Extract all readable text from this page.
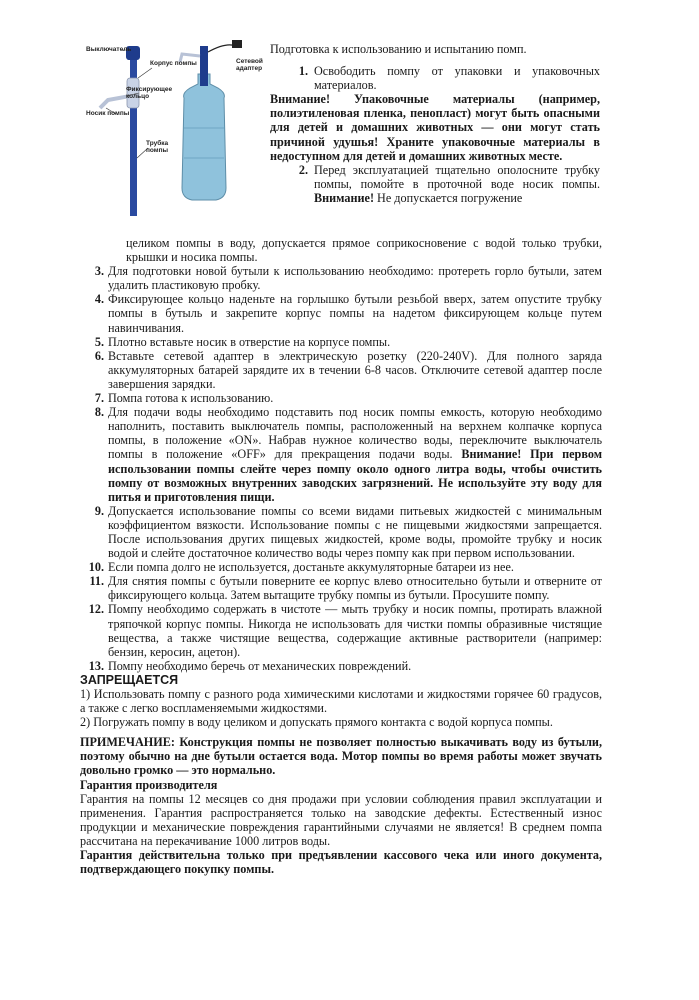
Выключатель
Корпус помпы	Сетевой адаптер
Фиксирующее кольцо
Носик помпы
Трубка помпы
Подготовка к использованию и испытанию помп.
1. Освободить помпу от упаковки и упаковочных материалов.
Внимание! Упаковочные материалы (например, полиэтиленовая пленка, пенопласт) могут быть опасными для детей и домашних животных — они могут стать причиной удушья! Храните упаковочные материалы в недоступном для детей и домашних животных месте.
2. Перед эксплуатацией тщательно ополосните трубку помпы, помойте в проточной воде носик помпы. Внимание! Не допускается погружение
целиком помпы в воду, допускается прямое соприкосновение с водой только трубки, крышки и носика помпы.
3. Для подготовки новой бутыли к использованию необходимо: протереть горло бутыли, затем удалить пластиковую пробку.
4. Фиксирующее кольцо наденьте на горлышко бутыли резьбой вверх, затем опустите трубку помпы в бутыль и закрепите корпус помпы на надетом фиксирующем кольце путем навинчивания.
5. Плотно вставьте носик в отверстие на корпусе помпы.
6. Вставьте сетевой адаптер в электрическую розетку (220-240V). Для полного заряда аккумуляторных батарей зарядите их в течении 6-8 часов. Отключите сетевой адаптер после завершения зарядки.
7. Помпа готова к использованию.
8. Для подачи воды необходимо подставить под носик помпы емкость, которую необходимо наполнить, поставить выключатель помпы, расположенный на верхнем колпачке корпуса помпы, в положение «ON». Набрав нужное количество воды, переключите выключатель помпы в положение «OFF» для прекращения подачи воды. Внимание! При первом использовании помпы слейте через помпу около одного литра воды, чтобы очистить помпу от возможных внутренних заводских загрязнений. Не используйте эту воду для питья и приготовления пищи.
9. Допускается использование помпы со всеми видами питьевых жидкостей с минимальным коэффициентом вязкости. Использование помпы с не пищевыми жидкостями запрещается. После использования других пищевых жидкостей, кроме воды, промойте трубку и носик водой и слейте достаточное количество воды через помпу как при первом использовании.
10. Если помпа долго не используется, достаньте аккумуляторные батареи из нее.
11. Для снятия помпы с бутыли поверните ее корпус влево относительно бутыли и отверните от фиксирующего кольца. Затем вытащите трубку помпы из бутыли. Просушите помпу.
12. Помпу необходимо содержать в чистоте — мыть трубку и носик помпы, протирать влажной тряпочкой корпус помпы. Никогда не использовать для чистки помпы образивные чистящие вещества, а также чистящие вещества, содержащие активные растворители (например: бензин, керосин, ацетон).
13. Помпу необходимо беречь от механических повреждений.
ЗАПРЕЩАЕТСЯ
1) Использовать помпу с разного рода химическими кислотами и жидкостями горячее 60 градусов, а также с легко воспламеняемыми жидкостями.
2) Погружать помпу в воду целиком и допускать прямого контакта с водой корпуса помпы.
ПРИМЕЧАНИЕ: Конструкция помпы не позволяет полностью выкачивать воду из бутыли, поэтому обычно на дне бутыли остается вода. Мотор помпы во время работы может звучать довольно громко — это нормально.
Гарантия производителя
Гарантия на помпы 12 месяцев со дня продажи при условии соблюдения правил эксплуатации и применения. Гарантия распространяется только на заводские дефекты. Естественный износ продукции и механические повреждения гарантийными случаями не является! В среднем помпа рассчитана на перекачивание 1000 литров воды.
Гарантия действительна только при предъявлении кассового чека или иного документа, подтверждающего покупку помпы.
